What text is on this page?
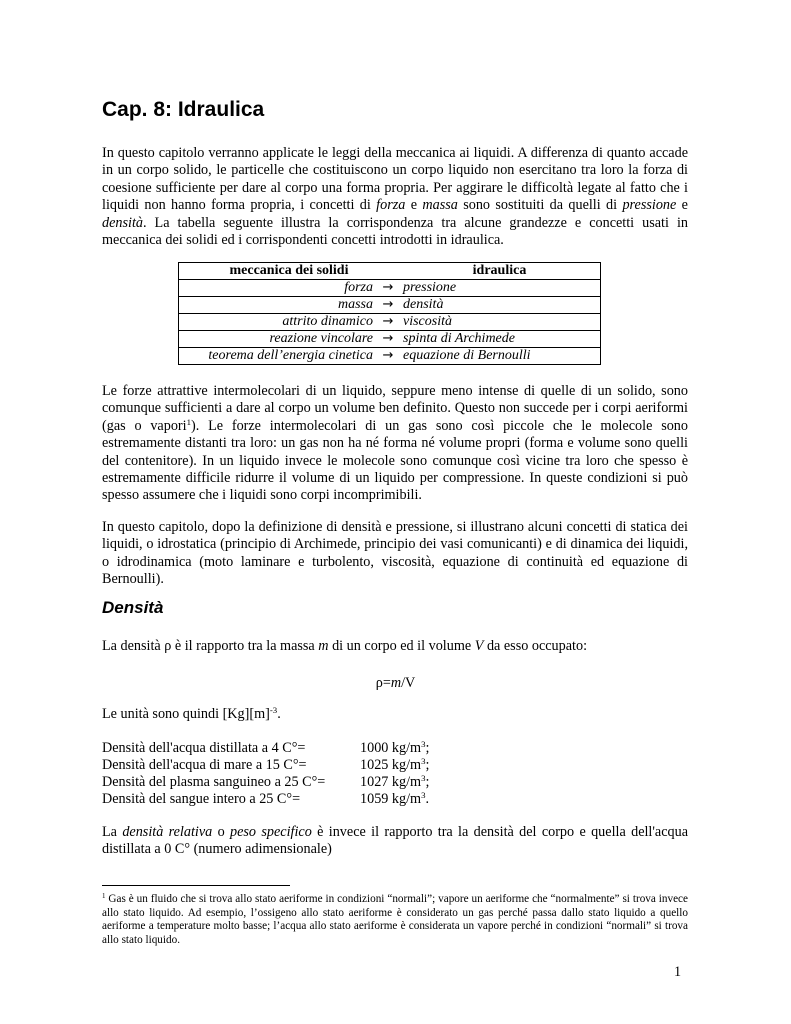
Cap. 8: Idraulica

In questo capitolo verranno applicate le leggi della meccanica ai liquidi. A differenza di quanto accade in un corpo solido, le particelle che costituiscono un corpo liquido non esercitano tra loro la forza di coesione sufficiente per dare al corpo una forma propria. Per aggirare le difficoltà legate al fatto che i liquidi non hanno forma propria, i concetti di forza e massa sono sostituiti da quelli di pressione e densità. La tabella seguente illustra la corrispondenza tra alcune grandezze e concetti usati in meccanica dei solidi ed i corrispondenti concetti introdotti in idraulica.

meccanica dei solidi		idraulica
forza	→	pressione
massa	→	densità
attrito dinamico	→	viscosità
reazione vincolare	→	spinta di Archimede
teorema dell’energia cinetica	→	equazione di Bernoulli

Le forze attrattive intermolecolari di un liquido, seppure meno intense di quelle di un solido, sono comunque sufficienti a dare al corpo un volume ben definito. Questo non succede per i corpi aeriformi (gas o vapori$^1$). Le forze intermolecolari di un gas sono così piccole che le molecole sono estremamente distanti tra loro: un gas non ha né forma né volume propri (forma e volume sono quelli del contenitore). In un liquido invece le molecole sono comunque così vicine tra loro che spesso è estremamente difficile ridurre il volume di un liquido per compressione. In queste condizioni si può spesso assumere che i liquidi sono corpi incomprimibili.

In questo capitolo, dopo la definizione di densità e pressione, si illustrano alcuni concetti di statica dei liquidi, o idrostatica (principio di Archimede, principio dei vasi comunicanti) e di dinamica dei liquidi, o idrodinamica (moto laminare e turbolento, viscosità, equazione di continuità ed equazione di Bernoulli).

Densità

La densità ρ è il rapporto tra la massa m di un corpo ed il volume V da esso occupato:

ρ=m/V

Le unità sono quindi $[Kg][m]^{-3}$.

Densità dell'acqua distillata a 4 C°=	1000 $kg/m^3$;
Densità dell'acqua di mare a 15 C°=	1025 $kg/m^3$;
Densità del plasma sanguineo a 25 C°= 1027 $kg/m^3$;
Densità del sangue intero a 25 C°=	1059 $kg/m^3$.

La densità relativa o peso specifico è invece il rapporto tra la densità del corpo e quella dell'acqua distillata a 0 C° (numero adimensionale)

$^1$ Gas è un fluido che si trova allo stato aeriforme in condizioni “normali”; vapore un aeriforme che “normalmente” si trova invece allo stato liquido. Ad esempio, l’ossigeno allo stato aeriforme è considerato un gas perché passa dallo stato liquido a quello aeriforme a temperature molto basse; l’acqua allo stato aeriforme è considerata un vapore perché in condizioni “normali” si trova allo stato liquido.

1
